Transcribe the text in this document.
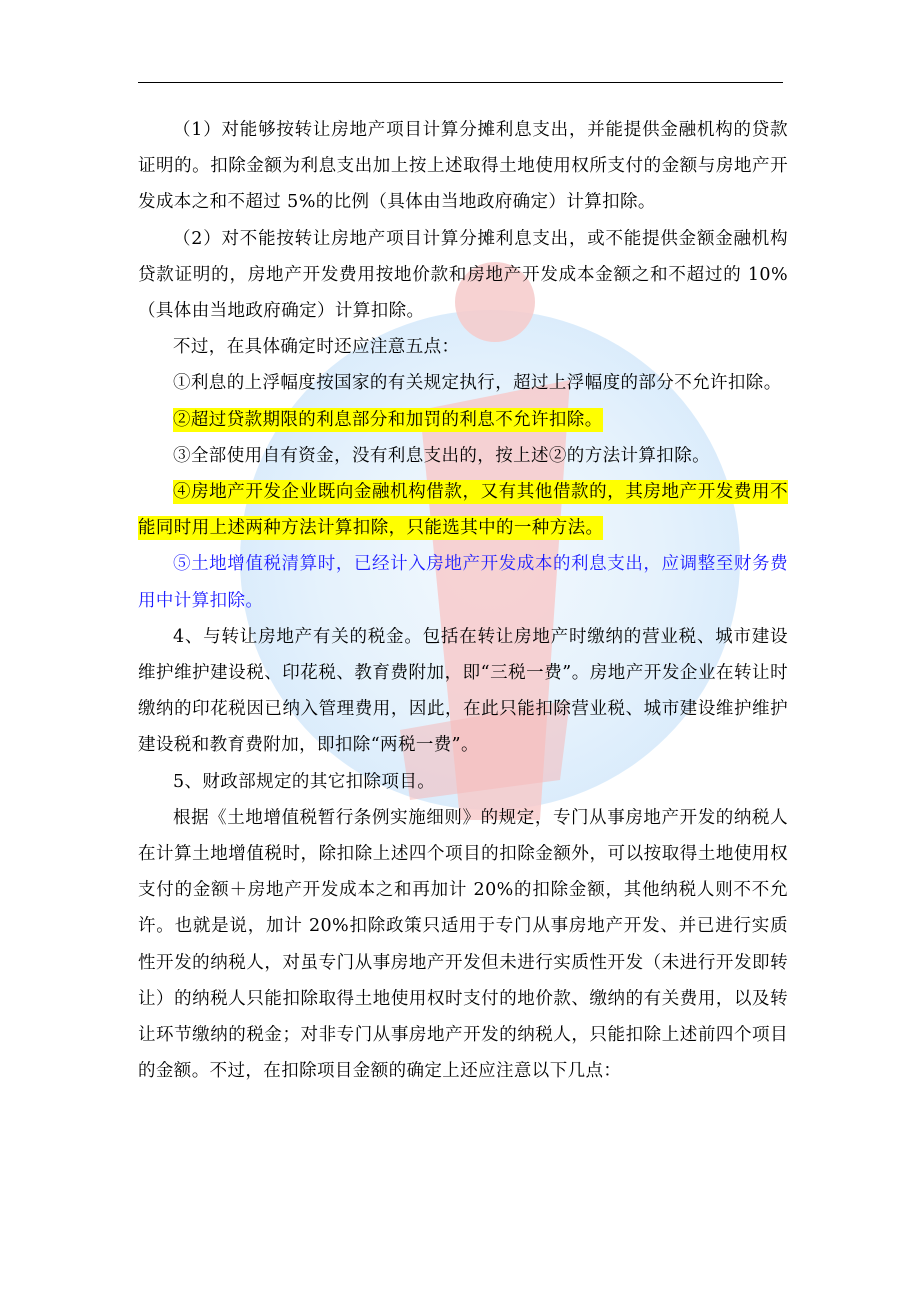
（1）对能够按转让房地产项目计算分摊利息支出，并能提供金融机构的贷款证明的。扣除金额为利息支出加上按上述取得土地使用权所支付的金额与房地产开发成本之和不超过 5%的比例（具体由当地政府确定）计算扣除。

（2）对不能按转让房地产项目计算分摊利息支出，或不能提供金额金融机构贷款证明的，房地产开发费用按地价款和房地产开发成本金额之和不超过的 10%（具体由当地政府确定）计算扣除。

不过，在具体确定时还应注意五点：

①利息的上浮幅度按国家的有关规定执行，超过上浮幅度的部分不允许扣除。

②超过贷款期限的利息部分和加罚的利息不允许扣除。

③全部使用自有资金，没有利息支出的，按上述②的方法计算扣除。

④房地产开发企业既向金融机构借款，又有其他借款的，其房地产开发费用不能同时用上述两种方法计算扣除，只能选其中的一种方法。

⑤土地增值税清算时，已经计入房地产开发成本的利息支出，应调整至财务费用中计算扣除。

4、与转让房地产有关的税金。包括在转让房地产时缴纳的营业税、城市建设维护维护建设税、印花税、教育费附加，即“三税一费”。房地产开发企业在转让时缴纳的印花税因已纳入管理费用，因此，在此只能扣除营业税、城市建设维护维护建设税和教育费附加，即扣除“两税一费”。

5、财政部规定的其它扣除项目。

根据《土地增值税暂行条例实施细则》的规定，专门从事房地产开发的纳税人在计算土地增值税时，除扣除上述四个项目的扣除金额外，可以按取得土地使用权支付的金额＋房地产开发成本之和再加计 20%的扣除金额，其他纳税人则不不允许。也就是说，加计 20%扣除政策只适用于专门从事房地产开发、并已进行实质性开发的纳税人，对虽专门从事房地产开发但未进行实质性开发（未进行开发即转让）的纳税人只能扣除取得土地使用权时支付的地价款、缴纳的有关费用，以及转让环节缴纳的税金；对非专门从事房地产开发的纳税人，只能扣除上述前四个项目的金额。不过，在扣除项目金额的确定上还应注意以下几点：
